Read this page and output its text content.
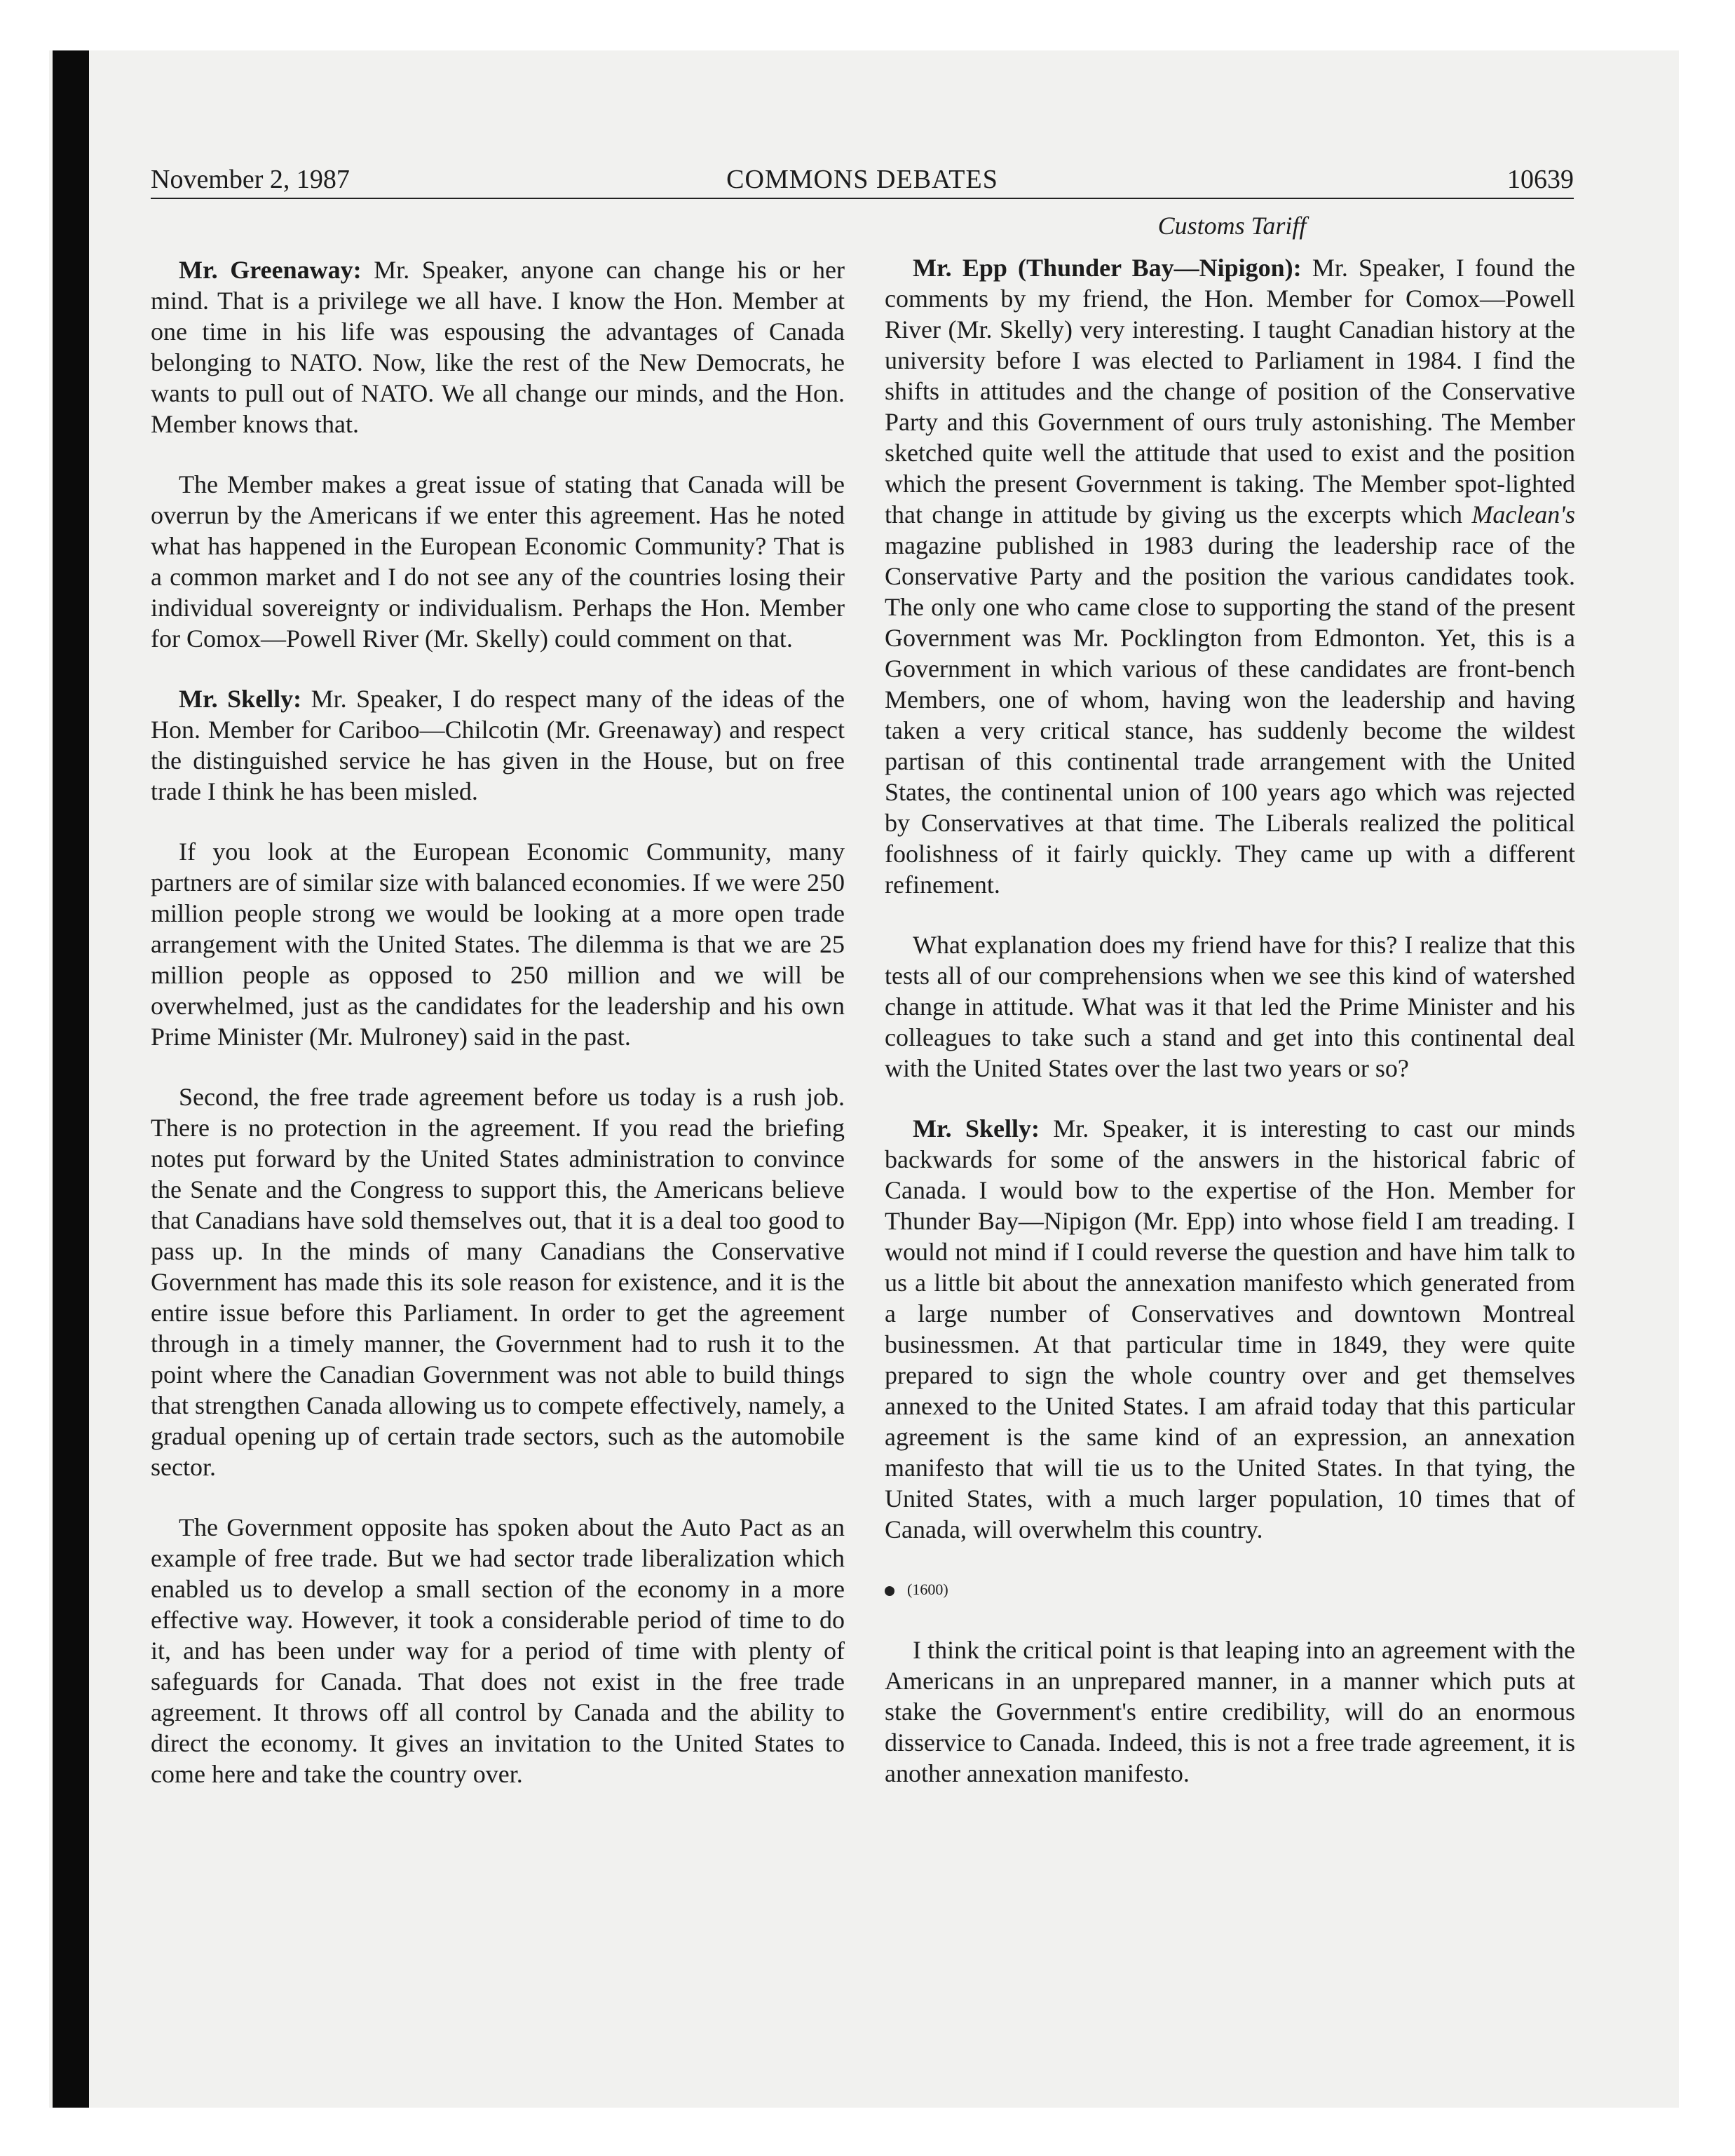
November 2, 1987	COMMONS DEBATES	10639
Customs Tariff

Mr. Greenaway: Mr. Speaker, anyone can change his or her mind. That is a privilege we all have. I know the Hon. Member at one time in his life was espousing the advantages of Canada belonging to NATO. Now, like the rest of the New Democrats, he wants to pull out of NATO. We all change our minds, and the Hon. Member knows that.

The Member makes a great issue of stating that Canada will be overrun by the Americans if we enter this agreement. Has he noted what has happened in the European Economic Community? That is a common market and I do not see any of the countries losing their individual sovereignty or individualism. Perhaps the Hon. Member for Comox—Powell River (Mr. Skelly) could comment on that.

Mr. Skelly: Mr. Speaker, I do respect many of the ideas of the Hon. Member for Cariboo—Chilcotin (Mr. Greenaway) and respect the distinguished service he has given in the House, but on free trade I think he has been misled.

If you look at the European Economic Community, many partners are of similar size with balanced economies. If we were 250 million people strong we would be looking at a more open trade arrangement with the United States. The dilemma is that we are 25 million people as opposed to 250 million and we will be overwhelmed, just as the candidates for the leadership and his own Prime Minister (Mr. Mulroney) said in the past.

Second, the free trade agreement before us today is a rush job. There is no protection in the agreement. If you read the briefing notes put forward by the United States administration to convince the Senate and the Congress to support this, the Americans believe that Canadians have sold themselves out, that it is a deal too good to pass up. In the minds of many Canadians the Conservative Government has made this its sole reason for existence, and it is the entire issue before this Parliament. In order to get the agreement through in a timely manner, the Government had to rush it to the point where the Canadian Government was not able to build things that strengthen Canada allowing us to compete effectively, namely, a gradual opening up of certain trade sectors, such as the automobile sector.

The Government opposite has spoken about the Auto Pact as an example of free trade. But we had sector trade liberalization which enabled us to develop a small section of the economy in a more effective way. However, it took a considerable period of time to do it, and has been under way for a period of time with plenty of safeguards for Canada. That does not exist in the free trade agreement. It throws off all control by Canada and the ability to direct the economy. It gives an invitation to the United States to come here and take the country over.

Mr. Epp (Thunder Bay—Nipigon): Mr. Speaker, I found the comments by my friend, the Hon. Member for Comox—Powell River (Mr. Skelly) very interesting. I taught Canadian history at the university before I was elected to Parliament in 1984. I find the shifts in attitudes and the change of position of the Conservative Party and this Government of ours truly astonishing. The Member sketched quite well the attitude that used to exist and the position which the present Government is taking. The Member spot-lighted that change in attitude by giving us the excerpts which Maclean's magazine published in 1983 during the leadership race of the Conservative Party and the position the various candidates took. The only one who came close to supporting the stand of the present Government was Mr. Pocklington from Edmonton. Yet, this is a Government in which various of these candidates are front-bench Members, one of whom, having won the leadership and having taken a very critical stance, has suddenly become the wildest partisan of this continental trade arrangement with the United States, the continental union of 100 years ago which was rejected by Conservatives at that time. The Liberals realized the political foolishness of it fairly quickly. They came up with a different refinement.

What explanation does my friend have for this? I realize that this tests all of our comprehensions when we see this kind of watershed change in attitude. What was it that led the Prime Minister and his colleagues to take such a stand and get into this continental deal with the United States over the last two years or so?

Mr. Skelly: Mr. Speaker, it is interesting to cast our minds backwards for some of the answers in the historical fabric of Canada. I would bow to the expertise of the Hon. Member for Thunder Bay—Nipigon (Mr. Epp) into whose field I am treading. I would not mind if I could reverse the question and have him talk to us a little bit about the annexation manifesto which generated from a large number of Conservatives and downtown Montreal businessmen. At that particular time in 1849, they were quite prepared to sign the whole country over and get themselves annexed to the United States. I am afraid today that this particular agreement is the same kind of an expression, an annexation manifesto that will tie us to the United States. In that tying, the United States, with a much larger population, 10 times that of Canada, will overwhelm this country.

(1600)

I think the critical point is that leaping into an agreement with the Americans in an unprepared manner, in a manner which puts at stake the Government's entire credibility, will do an enormous disservice to Canada. Indeed, this is not a free trade agreement, it is another annexation manifesto.
